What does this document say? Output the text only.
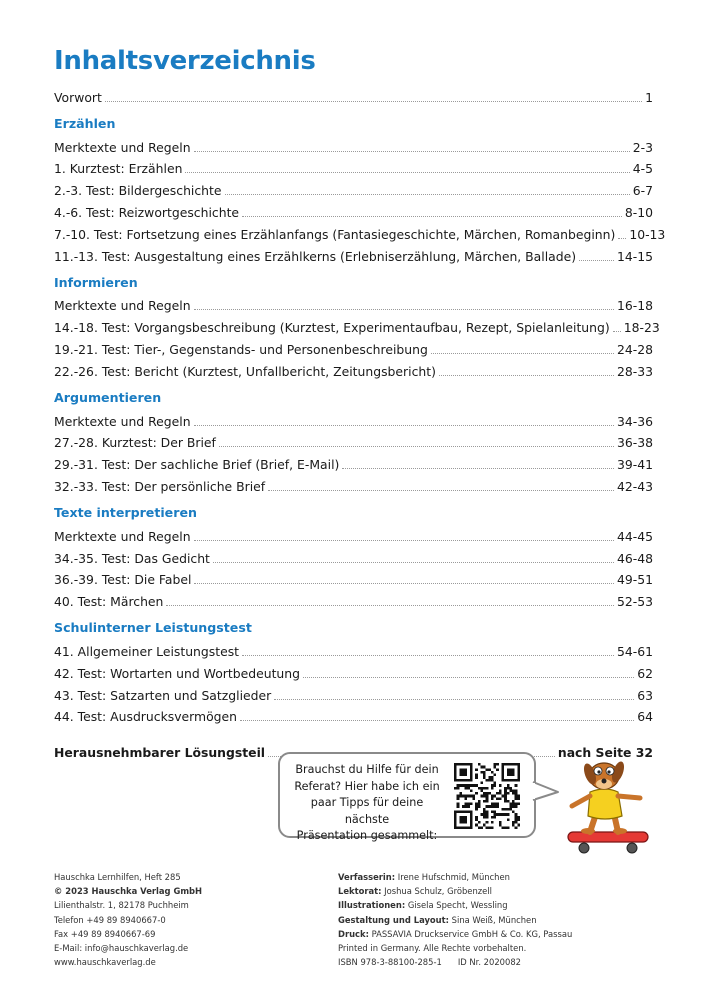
Inhaltsverzeichnis
Vorwort	1
Erzählen
Merktexte und Regeln	2-3
1. Kurztest: Erzählen	4-5
2.-3. Test: Bildergeschichte	6-7
4.-6. Test: Reizwortgeschichte	8-10
7.-10. Test: Fortsetzung eines Erzählanfangs (Fantasiegeschichte, Märchen, Romanbeginn) 10-13
11.-13. Test: Ausgestaltung eines Erzählkerns (Erlebniserzählung, Märchen, Ballade)	14-15
Informieren
Merktexte und Regeln	16-18
14.-18. Test: Vorgangsbeschreibung (Kurztest, Experimentaufbau, Rezept, Spielanleitung) 18-23
19.-21. Test: Tier-, Gegenstands- und Personenbeschreibung	24-28
22.-26. Test: Bericht (Kurztest, Unfallbericht, Zeitungsbericht)	28-33
Argumentieren
Merktexte und Regeln	34-36
27.-28. Kurztest: Der Brief	36-38
29.-31. Test: Der sachliche Brief (Brief, E-Mail)	39-41
32.-33. Test: Der persönliche Brief	42-43
Texte interpretieren
Merktexte und Regeln	44-45
34.-35. Test: Das Gedicht	46-48
36.-39. Test: Die Fabel	49-51
40. Test: Märchen	52-53
Schulinterner Leistungstest
41. Allgemeiner Leistungstest	54-61
42. Test: Wortarten und Wortbedeutung	62
43. Test: Satzarten und Satzglieder	63
44. Test: Ausdrucksvermögen	64
Herausnehmbarer Lösungsteil	nach Seite 32
Brauchst du Hilfe für dein
Referat? Hier habe ich ein
paar Tipps für deine nächste
Präsentation gesammelt:
Hauschka Lernhilfen, Heft 285
© 2023 Hauschka Verlag GmbH
Lilienthalstr. 1, 82178 Puchheim
Telefon +49 89 8940667-0
Fax +49 89 8940667-69
E-Mail: info@hauschkaverlag.de
www.hauschkaverlag.de
Verfasserin: Irene Hufschmid, München
Lektorat: Joshua Schulz, Gröbenzell
Illustrationen: Gisela Specht, Wessling
Gestaltung und Layout: Sina Weiß, München
Druck: PASSAVIA Druckservice GmbH & Co. KG, Passau
Printed in Germany. Alle Rechte vorbehalten.
ISBN 978-3-88100-285-1 ID Nr. 2020082
